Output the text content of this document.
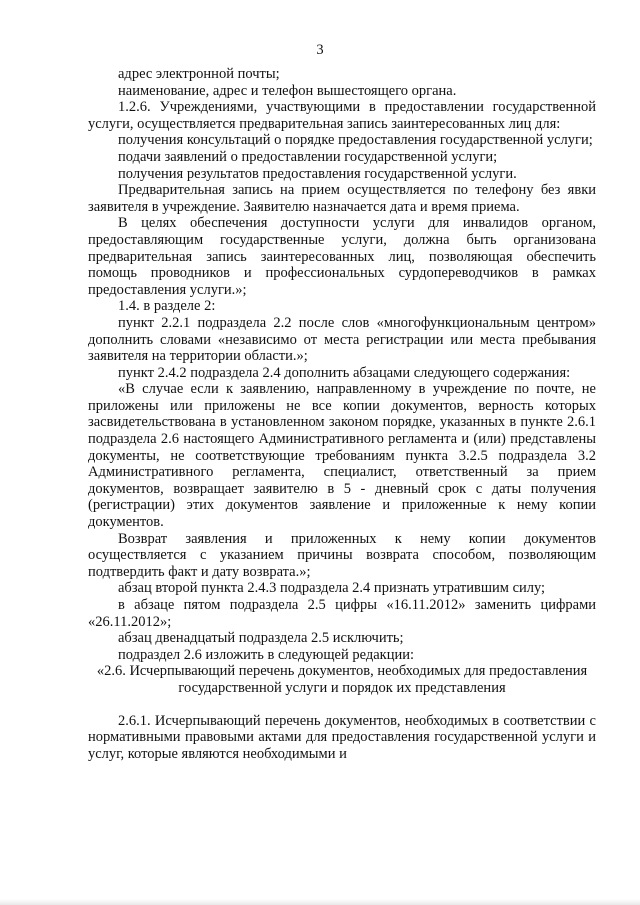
3

адрес электронной почты;

наименование, адрес и телефон вышестоящего органа.

1.2.6. Учреждениями, участвующими в предоставлении государственной услуги, осуществляется предварительная запись заинтересованных лиц для:

получения консультаций о порядке предоставления государственной услуги;

подачи заявлений о предоставлении государственной услуги;

получения результатов предоставления государственной услуги.

Предварительная запись на прием осуществляется по телефону без явки заявителя в учреждение. Заявителю назначается дата и время приема.

В целях обеспечения доступности услуги для инвалидов органом, предоставляющим государственные услуги, должна быть организована предварительная запись заинтересованных лиц, позволяющая обеспечить помощь проводников и профессиональных сурдопереводчиков в рамках предоставления услуги.»;

1.4. в разделе 2:

пункт 2.2.1 подраздела 2.2 после слов «многофункциональным центром» дополнить словами «независимо от места регистрации или места пребывания заявителя на территории области.»;

пункт 2.4.2 подраздела 2.4 дополнить абзацами следующего содержания:

«В случае если к заявлению, направленному в учреждение по почте, не приложены или приложены не все копии документов, верность которых засвидетельствована в установленном законом порядке, указанных в пункте 2.6.1 подраздела 2.6 настоящего Административного регламента и (или) представлены документы, не соответствующие требованиям пункта 3.2.5 подраздела 3.2 Административного регламента, специалист, ответственный за прием документов, возвращает заявителю в 5 - дневный срок с даты получения (регистрации) этих документов заявление и приложенные к нему копии документов.

Возврат заявления и приложенных к нему копии документов осуществляется с указанием причины возврата способом, позволяющим подтвердить факт и дату возврата.»;

абзац второй пункта 2.4.3 подраздела 2.4 признать утратившим силу;

в абзаце пятом подраздела 2.5 цифры «16.11.2012» заменить цифрами «26.11.2012»;

абзац двенадцатый подраздела 2.5 исключить;

подраздел 2.6 изложить в следующей редакции:

«2.6. Исчерпывающий перечень документов, необходимых для предоставления государственной услуги и порядок их представления

2.6.1. Исчерпывающий перечень документов, необходимых в соответствии с нормативными правовыми актами для предоставления государственной услуги и услуг, которые являются необходимыми и
